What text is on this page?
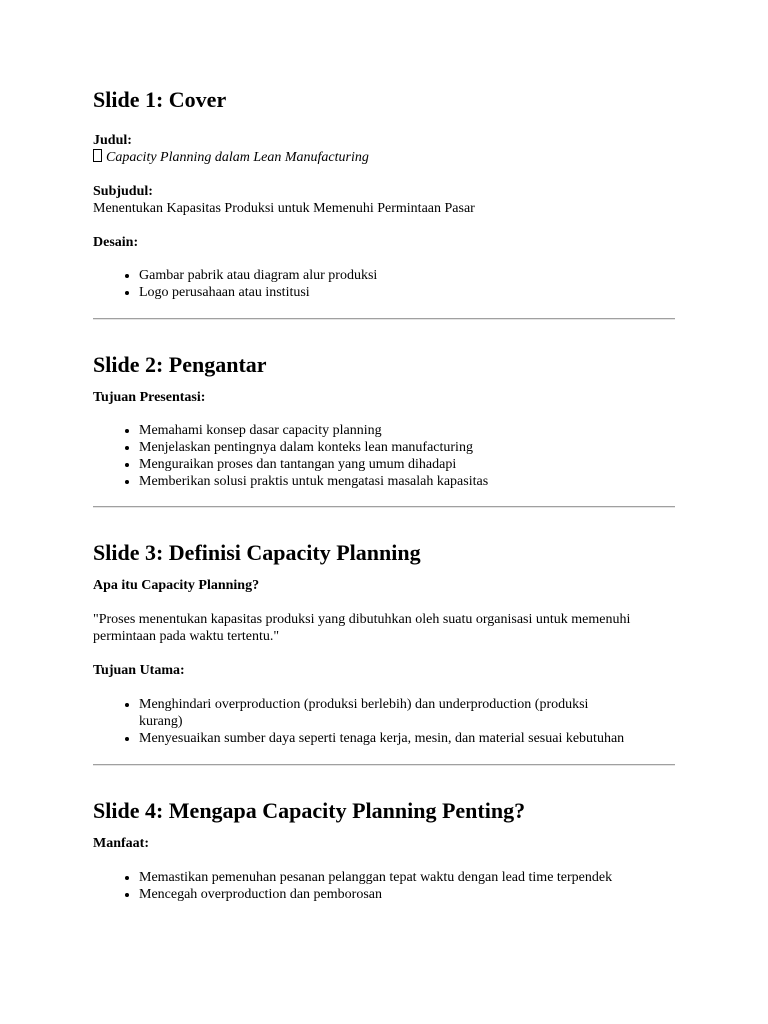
Slide 1: Cover

Judul:

Capacity Planning dalam Lean Manufacturing

Subjudul:

Menentukan Kapasitas Produksi untuk Memenuhi Permintaan Pasar

Desain:

• Gambar pabrik atau diagram alur produksi
• Logo perusahaan atau institusi
Slide 2: Pengantar

Tujuan Presentasi:

• Memahami konsep dasar capacity planning
• Menjelaskan pentingnya dalam konteks lean manufacturing
• Menguraikan proses dan tantangan yang umum dihadapi
• Memberikan solusi praktis untuk mengatasi masalah kapasitas
Slide 3: Definisi Capacity Planning

Apa itu Capacity Planning?

"Proses menentukan kapasitas produksi yang dibutuhkan oleh suatu organisasi untuk memenuhi permintaan pada waktu tertentu."

Tujuan Utama:

• Menghindari overproduction (produksi berlebih) dan underproduction (produksi kurang)
• Menyesuaikan sumber daya seperti tenaga kerja, mesin, dan material sesuai kebutuhan
Slide 4: Mengapa Capacity Planning Penting?

Manfaat:

• Memastikan pemenuhan pesanan pelanggan tepat waktu dengan lead time terpendek
• Mencegah overproduction dan pemborosan
